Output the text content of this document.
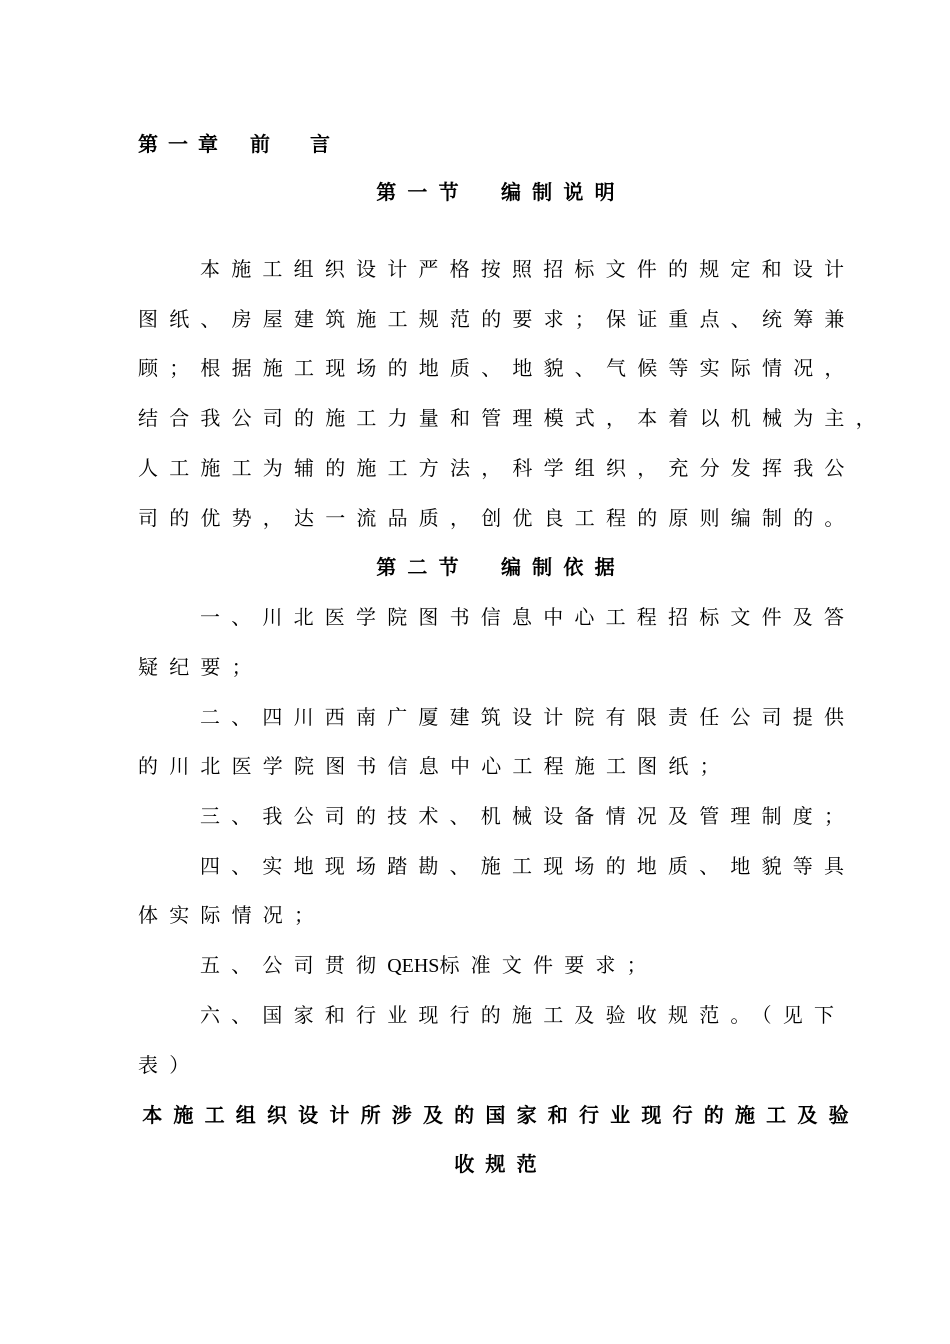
第一章 前　言
第一节　编制说明
本施工组织设计严格按照招标文件的规定和设计
图纸、房屋建筑施工规范的要求；保证重点、统筹兼
顾；根据施工现场的地质、地貌、气候等实际情况，
结合我公司的施工力量和管理模式，本着以机械为主，
人工施工为辅的施工方法，科学组织，充分发挥我公
司的优势，达一流品质，创优良工程的原则编制的。
第二节　编制依据
一、川北医学院图书信息中心工程招标文件及答
疑纪要；
二、四川西南广厦建筑设计院有限责任公司提供
的川北医学院图书信息中心工程施工图纸；
三、我公司的技术、机械设备情况及管理制度；
四、实地现场踏勘、施工现场的地质、地貌等具
体实际情况；
五、公司贯彻QEHS标准文件要求；
六、国家和行业现行的施工及验收规范。（见下
表）
本施工组织设计所涉及的国家和行业现行的施工及验
收规范
